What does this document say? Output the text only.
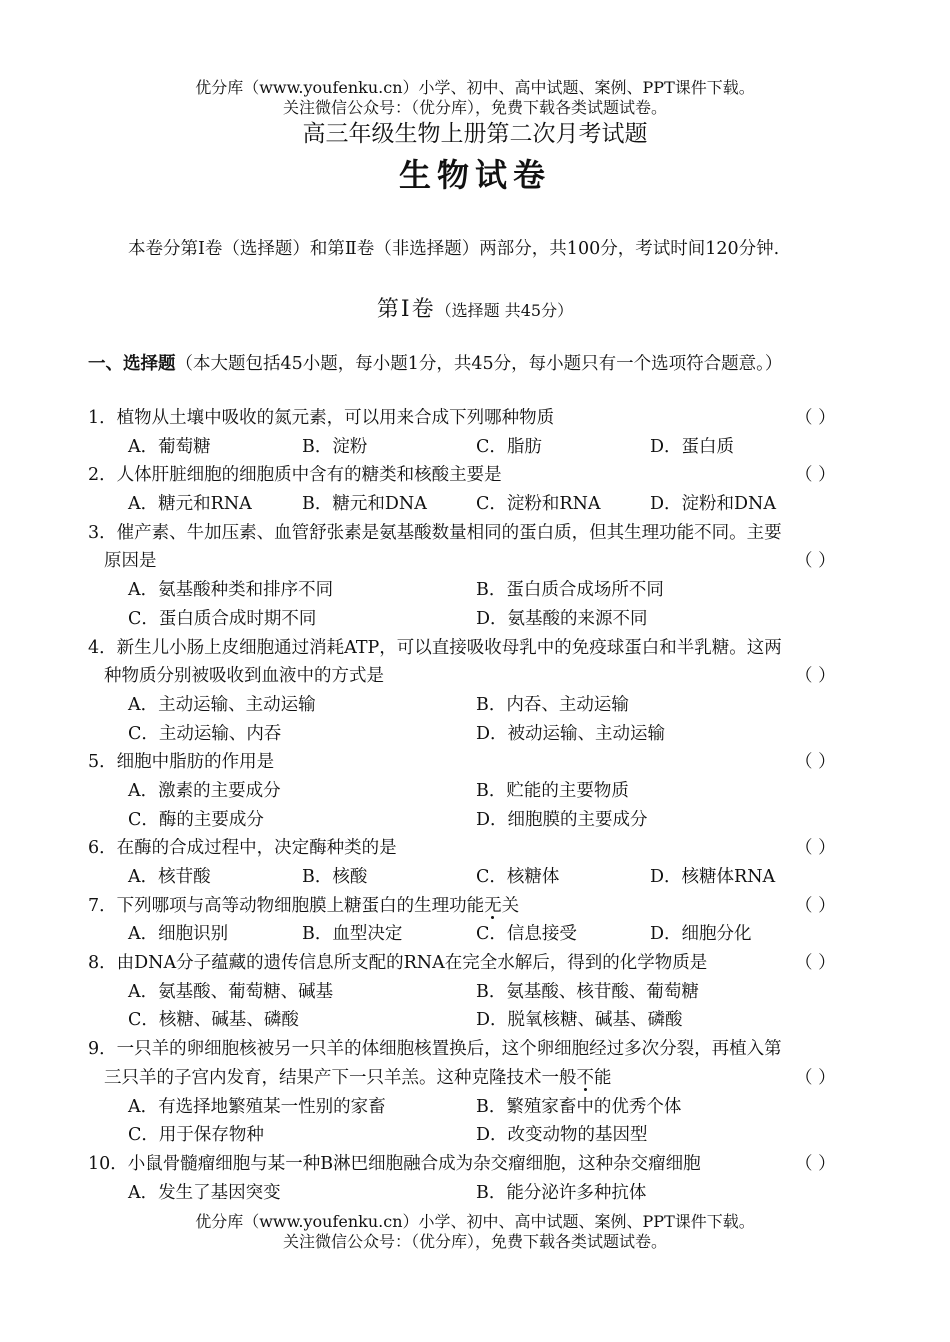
优分库（www.youfenku.cn）小学、初中、高中试题、案例、PPT课件下载。
关注微信公众号：（优分库），免费下载各类试题试卷。
高三年级生物上册第二次月考试题
生物试卷
本卷分第Ⅰ卷（选择题）和第Ⅱ卷（非选择题）两部分，共100分，考试时间120分钟.
第Ⅰ卷（选择题 共45分）
一、选择题（本大题包括45小题，每小题1分，共45分，每小题只有一个选项符合题意。）
1．植物从土壤中吸收的氮元素，可以用来合成下列哪种物质	（ ）
A．葡萄糖	B．淀粉	C．脂肪	D．蛋白质
2．人体肝脏细胞的细胞质中含有的糖类和核酸主要是	（ ）
A．糖元和RNA	B．糖元和DNA	C．淀粉和RNA	D．淀粉和DNA
3．催产素、牛加压素、血管舒张素是氨基酸数量相同的蛋白质，但其生理功能不同。主要
原因是	（ ）
A．氨基酸种类和排序不同	B．蛋白质合成场所不同
C．蛋白质合成时期不同	D．氨基酸的来源不同
4．新生儿小肠上皮细胞通过消耗ATP，可以直接吸收母乳中的免疫球蛋白和半乳糖。这两
种物质分别被吸收到血液中的方式是	（ ）
A．主动运输、主动运输	B．内吞、主动运输
C．主动运输、内吞	D．被动运输、主动运输
5．细胞中脂肪的作用是	（ ）
A．激素的主要成分	B．贮能的主要物质
C．酶的主要成分	D．细胞膜的主要成分
6．在酶的合成过程中，决定酶种类的是	（ ）
A．核苷酸	B．核酸	C．核糖体	D．核糖体RNA
7．下列哪项与高等动物细胞膜上糖蛋白的生理功能无关	（ ）
A．细胞识别	B．血型决定	C．信息接受	D．细胞分化
8．由DNA分子蕴藏的遗传信息所支配的RNA在完全水解后，得到的化学物质是	（ ）
A．氨基酸、葡萄糖、碱基	B．氨基酸、核苷酸、葡萄糖
C．核糖、碱基、磷酸	D．脱氧核糖、碱基、磷酸
9．一只羊的卵细胞核被另一只羊的体细胞核置换后，这个卵细胞经过多次分裂，再植入第
三只羊的子宫内发育，结果产下一只羊羔。这种克隆技术一般不能	（ ）
A．有选择地繁殖某一性别的家畜	B．繁殖家畜中的优秀个体
C．用于保存物种	D．改变动物的基因型
10．小鼠骨髓瘤细胞与某一种B淋巴细胞融合成为杂交瘤细胞，这种杂交瘤细胞	（ ）
A．发生了基因突变	B．能分泌许多种抗体
优分库（www.youfenku.cn）小学、初中、高中试题、案例、PPT课件下载。
关注微信公众号：（优分库），免费下载各类试题试卷。
